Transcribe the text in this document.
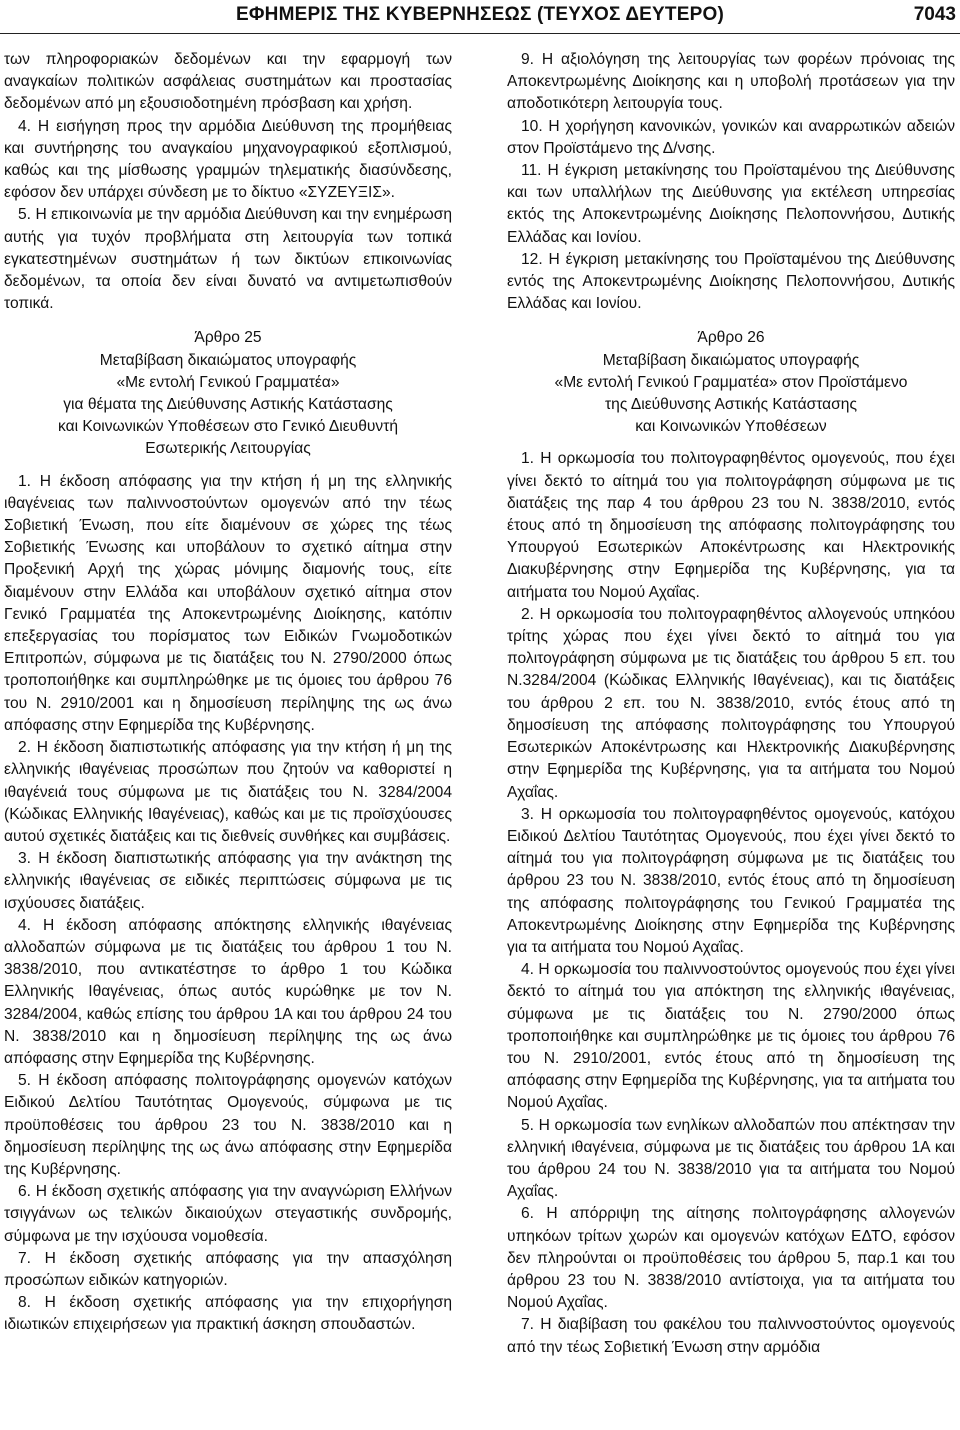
ΕΦΗΜΕΡΙΣ ΤΗΣ ΚΥΒΕΡΝΗΣΕΩΣ (ΤΕΥΧΟΣ ΔΕΥΤΕΡΟ)	7043

των πληροφοριακών δεδομένων και την εφαρμογή των αναγκαίων πολιτικών ασφάλειας συστημάτων και προστασίας δεδομένων από μη εξουσιοδοτημένη πρόσβαση και χρήση.

4. Η εισήγηση προς την αρμόδια Διεύθυνση της προμήθειας και συντήρησης του αναγκαίου μηχανογραφικού εξοπλισμού, καθώς και της μίσθωσης γραμμών τηλεματικής διασύνδεσης, εφόσον δεν υπάρχει σύνδεση με το δίκτυο «ΣΥΖΕΥΞΙΣ».

5. Η επικοινωνία με την αρμόδια Διεύθυνση και την ενημέρωση αυτής για τυχόν προβλήματα στη λειτουργία των τοπικά εγκατεστημένων συστημάτων ή των δικτύων επικοινωνίας δεδομένων, τα οποία δεν είναι δυνατό να αντιμετωπισθούν τοπικά.

Άρθρο 25

Μεταβίβαση δικαιώματος υπογραφής

«Με εντολή Γενικού Γραμματέα»

για θέματα της Διεύθυνσης Αστικής Κατάστασης

και Κοινωνικών Υποθέσεων στο Γενικό Διευθυντή

Εσωτερικής Λειτουργίας

1. Η έκδοση απόφασης για την κτήση ή μη της ελληνικής ιθαγένειας των παλιννοστούντων ομογενών από την τέως Σοβιετική Ένωση, που είτε διαμένουν σε χώρες της τέως Σοβιετικής Ένωσης και υποβάλουν το σχετικό αίτημα στην Προξενική Αρχή της χώρας μόνιμης διαμονής τους, είτε διαμένουν στην Ελλάδα και υποβάλουν σχετικό αίτημα στον Γενικό Γραμματέα της Αποκεντρωμένης Διοίκησης, κατόπιν επεξεργασίας του πορίσματος των Ειδικών Γνωμοδοτικών Επιτροπών, σύμφωνα με τις διατάξεις του Ν. 2790/2000 όπως τροποποιήθηκε και συμπληρώθηκε με τις όμοιες του άρθρου 76 του Ν. 2910/2001 και η δημοσίευση περίληψης της ως άνω απόφασης στην Εφημερίδα της Κυβέρνησης.

2. Η έκδοση διαπιστωτικής απόφασης για την κτήση ή μη της ελληνικής ιθαγένειας προσώπων που ζητούν να καθοριστεί η ιθαγένειά τους σύμφωνα με τις διατάξεις του Ν. 3284/2004 (Κώδικας Ελληνικής Ιθαγένειας), καθώς και με τις προϊσχύουσες αυτού σχετικές διατάξεις και τις διεθνείς συνθήκες και συμβάσεις.

3. Η έκδοση διαπιστωτικής απόφασης για την ανάκτηση της ελληνικής ιθαγένειας σε ειδικές περιπτώσεις σύμφωνα με τις ισχύουσες διατάξεις.

4. Η έκδοση απόφασης απόκτησης ελληνικής ιθαγένειας αλλοδαπών σύμφωνα με τις διατάξεις του άρθρου 1 του Ν. 3838/2010, που αντικατέστησε το άρθρο 1 του Κώδικα Ελληνικής Ιθαγένειας, όπως αυτός κυρώθηκε με τον Ν. 3284/2004, καθώς επίσης του άρθρου 1Α και του άρθρου 24 του Ν. 3838/2010 και η δημοσίευση περίληψης της ως άνω απόφασης στην Εφημερίδα της Κυβέρνησης.

5. Η έκδοση απόφασης πολιτογράφησης ομογενών κατόχων Ειδικού Δελτίου Ταυτότητας Ομογενούς, σύμφωνα με τις προϋποθέσεις του άρθρου 23 του Ν. 3838/2010 και η δημοσίευση περίληψης της ως άνω απόφασης στην Εφημερίδα της Κυβέρνησης.

6. Η έκδοση σχετικής απόφασης για την αναγνώριση Ελλήνων τσιγγάνων ως τελικών δικαιούχων στεγαστικής συνδρομής, σύμφωνα με την ισχύουσα νομοθεσία.

7. Η έκδοση σχετικής απόφασης για την απασχόληση προσώπων ειδικών κατηγοριών.

8. Η έκδοση σχετικής απόφασης για την επιχορήγηση ιδιωτικών επιχειρήσεων για πρακτική άσκηση σπουδαστών.

9. Η αξιολόγηση της λειτουργίας των φορέων πρόνοιας της Αποκεντρωμένης Διοίκησης και η υποβολή προτάσεων για την αποδοτικότερη λειτουργία τους.

10. Η χορήγηση κανονικών, γονικών και αναρρωτικών αδειών στον Προϊστάμενο της Δ/νσης.

11. Η έγκριση μετακίνησης του Προϊσταμένου της Διεύθυνσης και των υπαλλήλων της Διεύθυνσης για εκτέλεση υπηρεσίας εκτός της Αποκεντρωμένης Διοίκησης Πελοποννήσου, Δυτικής Ελλάδας και Ιονίου.

12. Η έγκριση μετακίνησης του Προϊσταμένου της Διεύθυνσης εντός της Αποκεντρωμένης Διοίκησης Πελοποννήσου, Δυτικής Ελλάδας και Ιονίου.

Άρθρο 26

Μεταβίβαση δικαιώματος υπογραφής

«Με εντολή Γενικού Γραμματέα» στον Προϊστάμενο

της Διεύθυνσης Αστικής Κατάστασης

και Κοινωνικών Υποθέσεων

1. Η ορκωμοσία του πολιτογραφηθέντος ομογενούς, που έχει γίνει δεκτό το αίτημά του για πολιτογράφηση σύμφωνα με τις διατάξεις της παρ 4 του άρθρου 23 του Ν. 3838/2010, εντός έτους από τη δημοσίευση της απόφασης πολιτογράφησης του Υπουργού Εσωτερικών Αποκέντρωσης και Ηλεκτρονικής Διακυβέρνησης στην Εφημερίδα της Κυβέρνησης, για τα αιτήματα του Νομού Αχαΐας.

2. Η ορκωμοσία του πολιτογραφηθέντος αλλογενούς υπηκόου τρίτης χώρας που έχει γίνει δεκτό το αίτημά του για πολιτογράφηση σύμφωνα με τις διατάξεις του άρθρου 5 επ. του Ν.3284/2004 (Κώδικας Ελληνικής Ιθαγένειας), και τις διατάξεις του άρθρου 2 επ. του Ν. 3838/2010, εντός έτους από τη δημοσίευση της απόφασης πολιτογράφησης του Υπουργού Εσωτερικών Αποκέντρωσης και Ηλεκτρονικής Διακυβέρνησης στην Εφημερίδα της Κυβέρνησης, για τα αιτήματα του Νομού Αχαΐας.

3. Η ορκωμοσία του πολιτογραφηθέντος ομογενούς, κατόχου Ειδικού Δελτίου Ταυτότητας Ομογενούς, που έχει γίνει δεκτό το αίτημά του για πολιτογράφηση σύμφωνα με τις διατάξεις του άρθρου 23 του Ν. 3838/2010, εντός έτους από τη δημοσίευση της απόφασης πολιτογράφησης του Γενικού Γραμματέα της Αποκεντρωμένης Διοίκησης στην Εφημερίδα της Κυβέρνησης για τα αιτήματα του Νομού Αχαΐας.

4. Η ορκωμοσία του παλιννοστούντος ομογενούς που έχει γίνει δεκτό το αίτημά του για απόκτηση της ελληνικής ιθαγένειας, σύμφωνα με τις διατάξεις του Ν. 2790/2000 όπως τροποποιήθηκε και συμπληρώθηκε με τις όμοιες του άρθρου 76 του Ν. 2910/2001, εντός έτους από τη δημοσίευση της απόφασης στην Εφημερίδα της Κυβέρνησης, για τα αιτήματα του Νομού Αχαΐας.

5. Η ορκωμοσία των ενηλίκων αλλοδαπών που απέκτησαν την ελληνική ιθαγένεια, σύμφωνα με τις διατάξεις του άρθρου 1Α και του άρθρου 24 του Ν. 3838/2010 για τα αιτήματα του Νομού Αχαΐας.

6. Η απόρριψη της αίτησης πολιτογράφησης αλλογενών υπηκόων τρίτων χωρών και ομογενών κατόχων ΕΔΤΟ, εφόσον δεν πληρούνται οι προϋποθέσεις του άρθρου 5, παρ.1 και του άρθρου 23 του Ν. 3838/2010 αντίστοιχα, για τα αιτήματα του Νομού Αχαΐας.

7. Η διαβίβαση του φακέλου του παλιννοστούντος ομογενούς από την τέως Σοβιετική Ένωση στην αρμόδια
